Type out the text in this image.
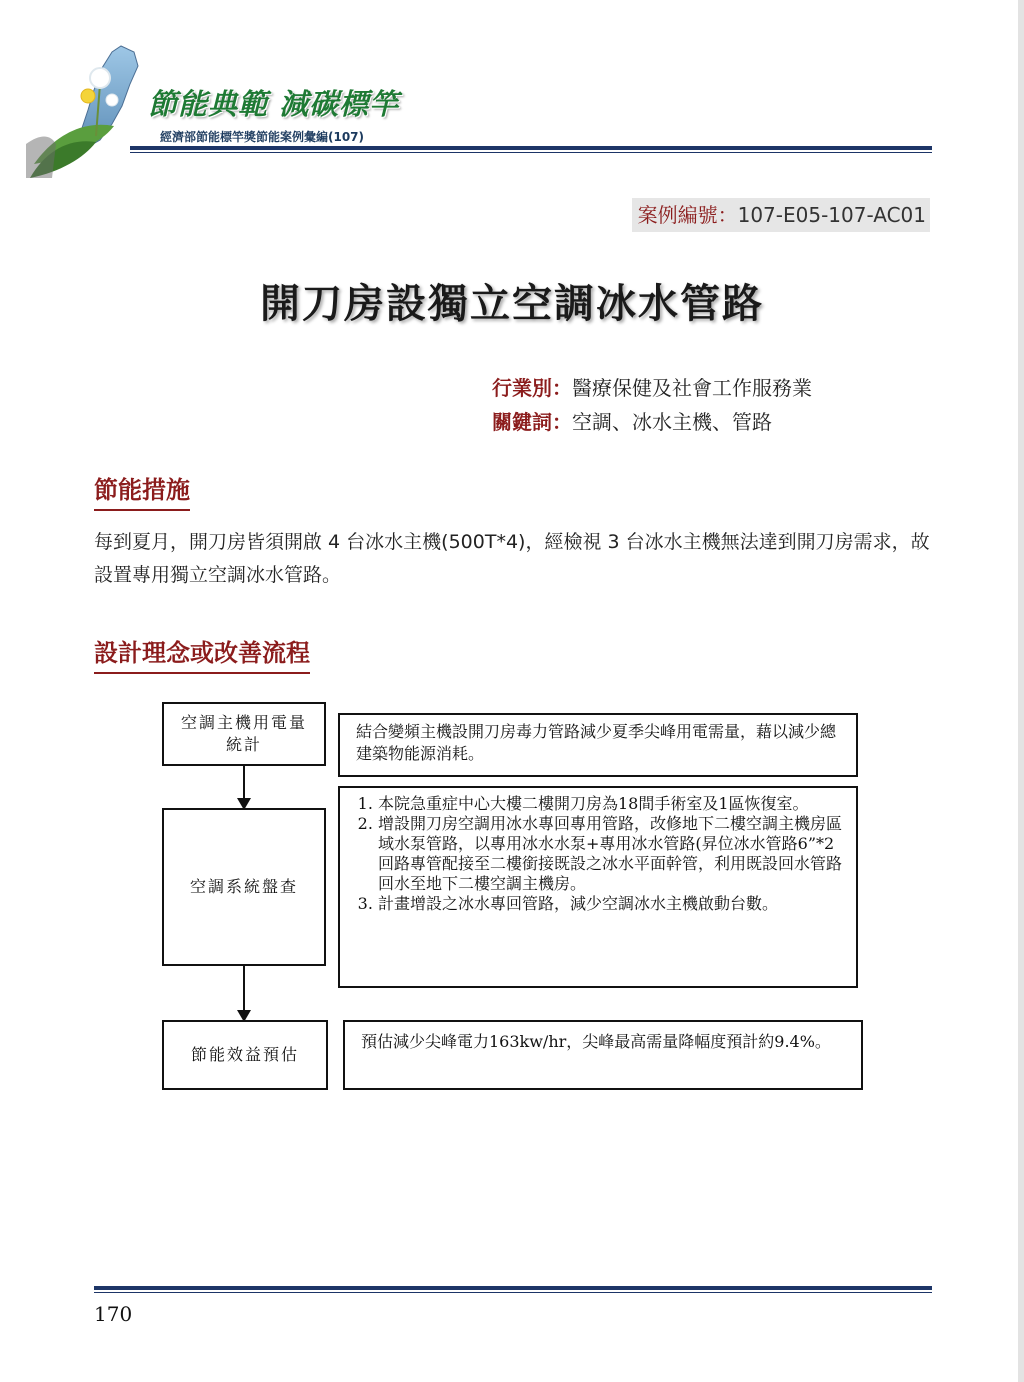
節能典範 減碳標竿
經濟部節能標竿獎節能案例彙編(107)
案例編號：107-E05-107-AC01
開刀房設獨立空調冰水管路
行業別：醫療保健及社會工作服務業
關鍵詞：空調、冰水主機、管路
節能措施
每到夏月，開刀房皆須開啟 4 台冰水主機(500T*4)，經檢視 3 台冰水主機無法達到開刀房需求，故設置專用獨立空調冰水管路。
設計理念或改善流程
空調主機用電量統計
結合變頻主機設開刀房毒力管路減少夏季尖峰用電需量，藉以減少總建築物能源消耗。
空調系統盤查
1. 本院急重症中心大樓二樓開刀房為18間手術室及1區恢復室。
2. 增設開刀房空調用冰水專回專用管路，改修地下二樓空調主機房區域水泵管路，以專用冰水水泵+專用冰水管路(昇位冰水管路6”*2回路專管配接至二樓銜接既設之冰水平面幹管，利用既設回水管路回水至地下二樓空調主機房。
3. 計畫增設之冰水專回管路，減少空調冰水主機啟動台數。
節能效益預估
預估減少尖峰電力163kw/hr，尖峰最高需量降幅度預計約9.4%。
170
